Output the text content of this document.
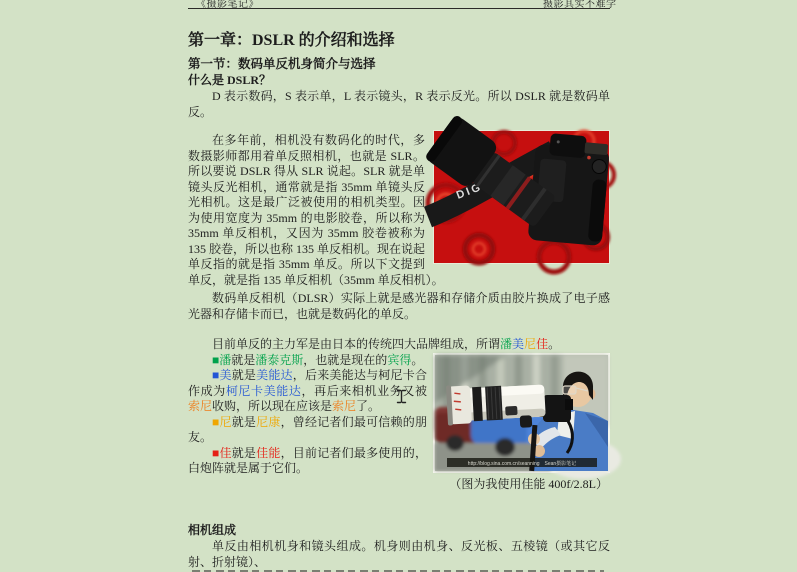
《摄影笔记》	摄影其实不难学
第一章：DSLR 的介绍和选择
第一节：数码单反机身简介与选择
什么是 DSLR？

D 表示数码，S 表示单，L 表示镜头，R 表示反光。所以 DSLR 就是数码单反。

在多年前，相机没有数码化的时代，多数摄影师都用着单反照相机，也就是 SLR。所以要说 DSLR 得从 SLR 说起。SLR 就是单镜头反光相机，通常就是指 35mm 单镜头反光相机。这是最广泛被使用的相机类型。因为使用宽度为 35mm 的电影胶卷，所以称为 35mm 单反相机，又因为 35mm 胶卷被称为 135 胶卷，所以也称 135 单反相机。现在说起单反指的就是指 35mm 单反。所以下文提到单反，就是指 135 单反相机（35mm 单反相机）。

数码单反相机（DLSR）实际上就是感光器和存储介质由胶片换成了电子感光器和存储卡而已，也就是数码化的单反。

目前单反的主力军是由日本的传统四大品牌组成，所谓潘美尼佳。

http://blog.sina.com.cn/seanning　Sean摄影笔记

■潘就是潘泰克斯，也就是现在的宾得。

■美就是美能达，后来美能达与柯尼卡合作成为柯尼卡美能达，再后来相机业务又被索尼收购，所以现在应该是索尼了。

■尼就是尼康，曾经记者们最可信赖的朋友。

■佳就是佳能，目前记者们最多使用的，白炮阵就是属于它们。

（图为我使用佳能 400f/2.8L）

相机组成

单反由相机机身和镜头组成。机身则由机身、反光板、五棱镜（或其它反射、折射镜）、
